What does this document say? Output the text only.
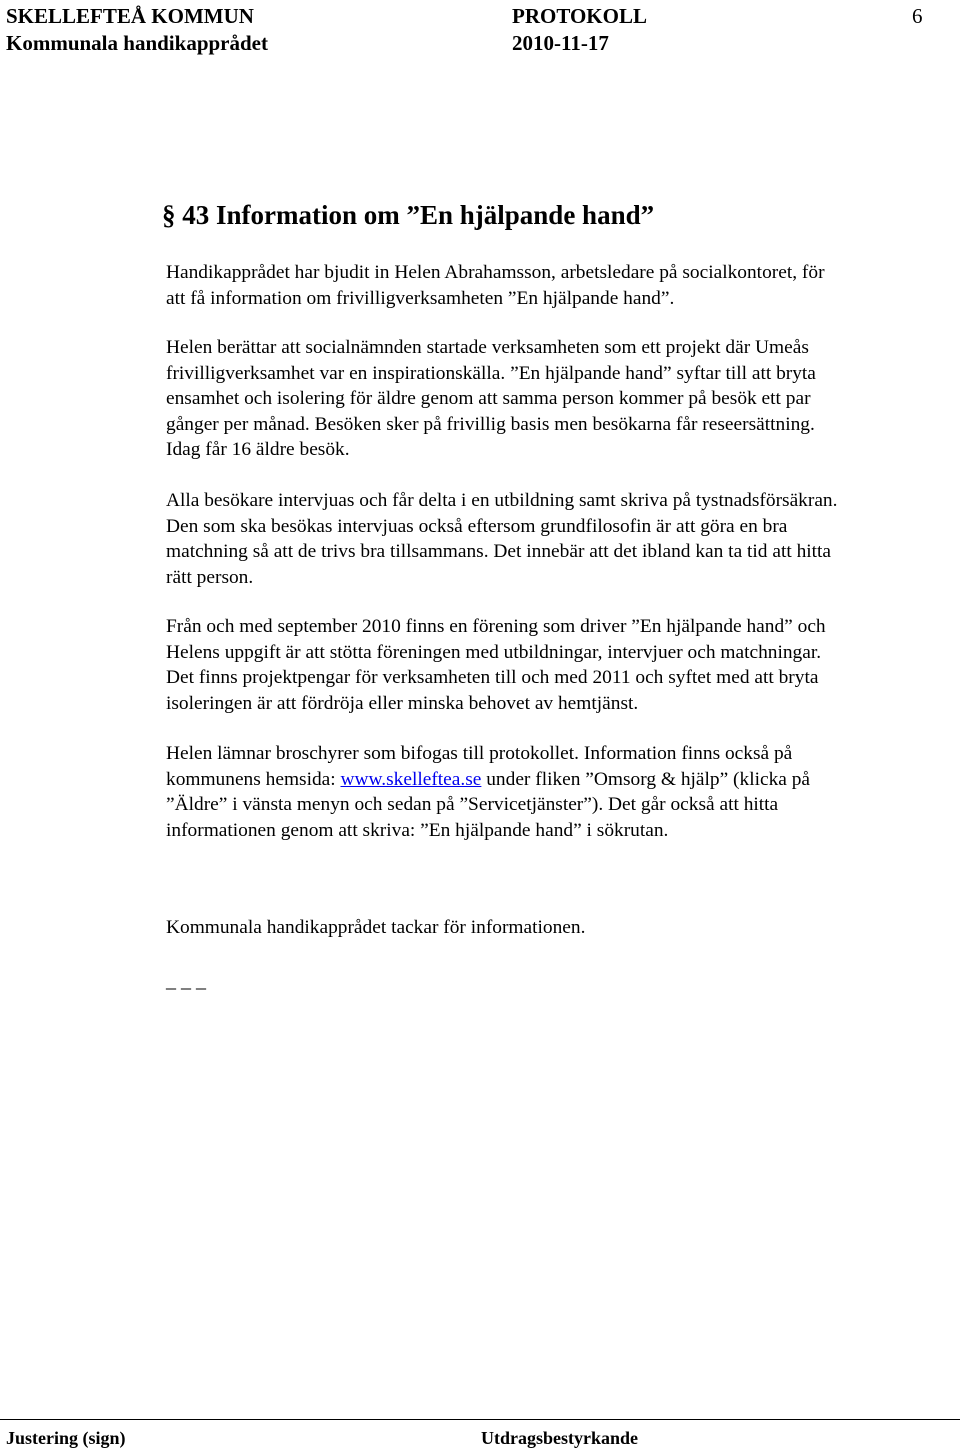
SKELLEFTEÅ KOMMUN	PROTOKOLL	6
Kommunala handikapprådet	2010-11-17
§ 43 Information om ”En hjälpande hand”
Handikapprådet har bjudit in Helen Abrahamsson, arbetsledare på socialkontoret, för
att få information om frivilligverksamheten ”En hjälpande hand”.
Helen berättar att socialnämnden startade verksamheten som ett projekt där Umeås
frivilligverksamhet var en inspirationskälla. ”En hjälpande hand” syftar till att bryta
ensamhet och isolering för äldre genom att samma person kommer på besök ett par
gånger per månad. Besöken sker på frivillig basis men besökarna får reseersättning.
Idag får 16 äldre besök.
Alla besökare intervjuas och får delta i en utbildning samt skriva på tystnadsförsäkran.
Den som ska besökas intervjuas också eftersom grundfilosofin är att göra en bra
matchning så att de trivs bra tillsammans. Det innebär att det ibland kan ta tid att hitta
rätt person.
Från och med september 2010 finns en förening som driver ”En hjälpande hand” och
Helens uppgift är att stötta föreningen med utbildningar, intervjuer och matchningar.
Det finns projektpengar för verksamheten till och med 2011 och syftet med att bryta
isoleringen är att fördröja eller minska behovet av hemtjänst.
Helen lämnar broschyrer som bifogas till protokollet. Information finns också på
kommunens hemsida: www.skelleftea.se under fliken ”Omsorg & hjälp” (klicka på
”Äldre” i vänsta menyn och sedan på ”Servicetjänster”). Det går också att hitta
informationen genom att skriva: ”En hjälpande hand” i sökrutan.
Kommunala handikapprådet tackar för informationen.
_ _ _
Justering (sign)	Utdragsbestyrkande
